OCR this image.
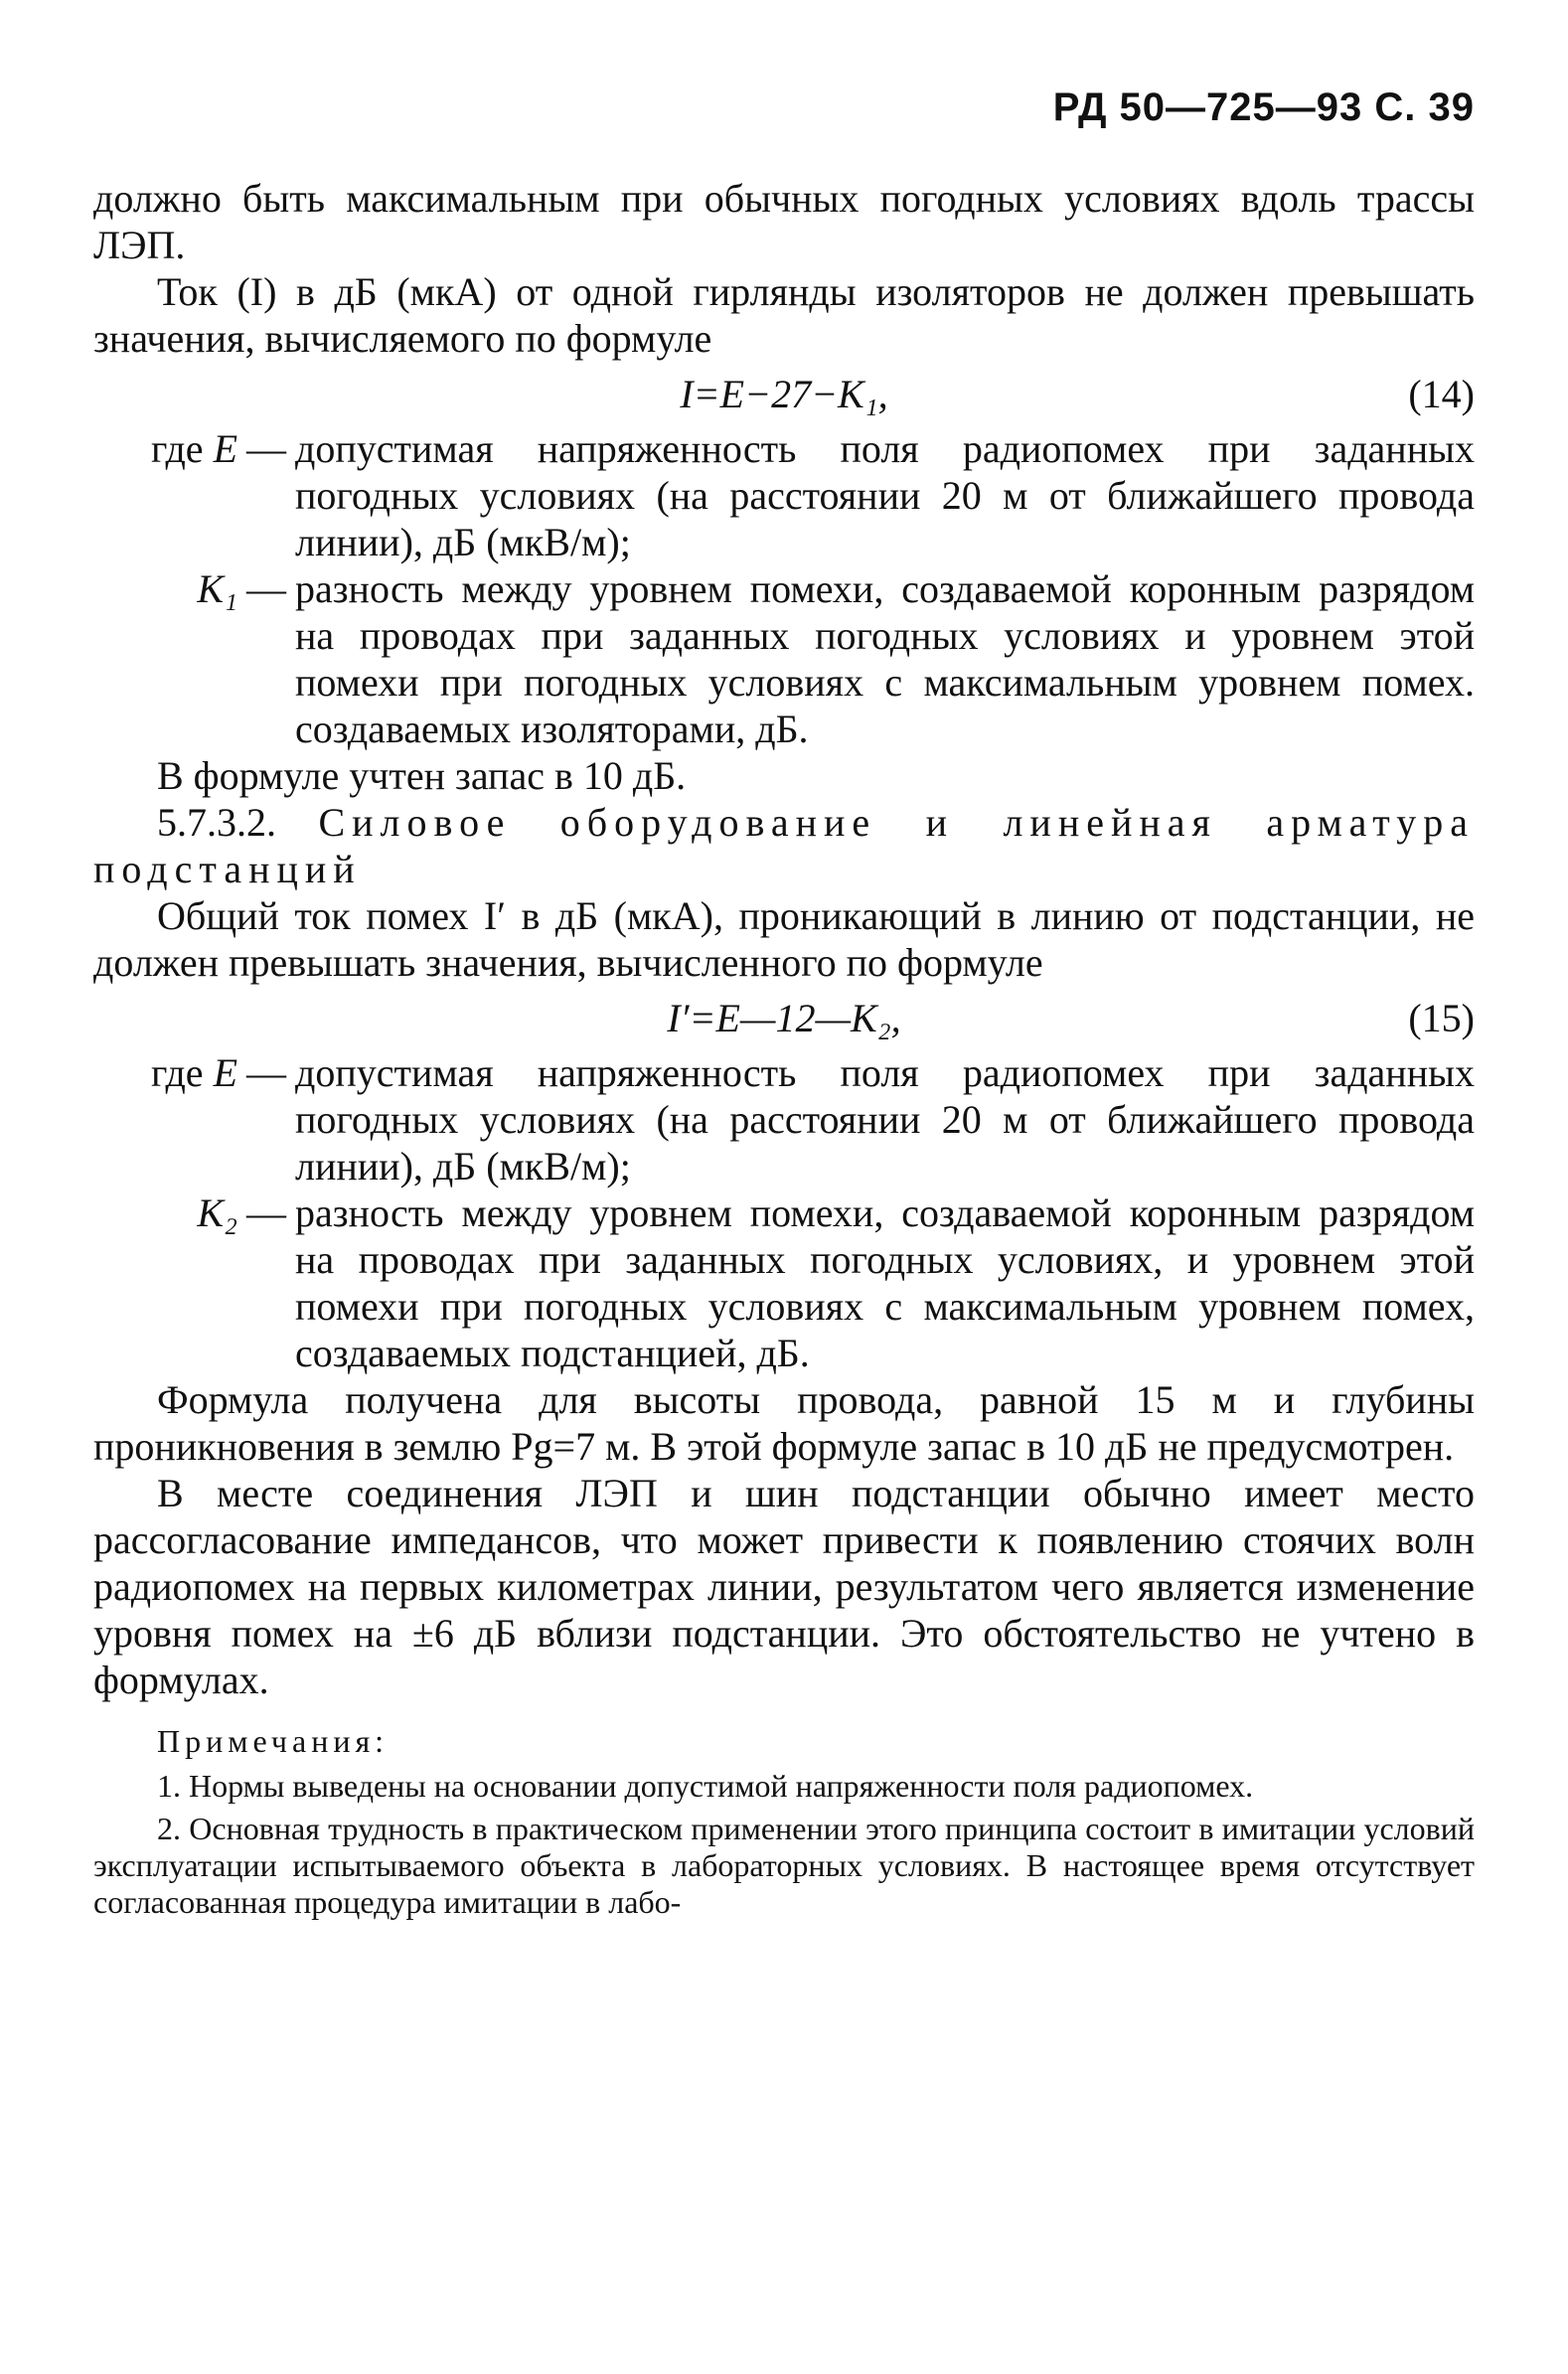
РД 50—725—93 С. 39

должно быть максимальным при обычных погодных условиях вдоль трассы ЛЭП.

Ток (I) в дБ (мкА) от одной гирлянды изоляторов не должен превышать значения, вычисляемого по формуле

I=E−27−K₁,	(14)
где E	—	допустимая напряженность поля радиопомех при заданных погодных условиях (на расстоянии 20 м от ближайшего провода линии), дБ (мкВ/м);
K₁	—	разность между уровнем помехи, создаваемой коронным разрядом на проводах при заданных погодных условиях и уровнем этой помехи при погодных условиях с максимальным уровнем помех. создаваемых изоляторами, дБ.

В формуле учтен запас в 10 дБ.

5.7.3.2. Силовое оборудование и линейная арматура подстанций

Общий ток помех I′ в дБ (мкА), проникающий в линию от подстанции, не должен превышать значения, вычисленного по формуле

I′=E—12—K₂,	(15)
где E	—	допустимая напряженность поля радиопомех при заданных погодных условиях (на расстоянии 20 м от ближайшего провода линии), дБ (мкВ/м);
K₂	—	разность между уровнем помехи, создаваемой коронным разрядом на проводах при заданных погодных условиях, и уровнем этой помехи при погодных условиях с максимальным уровнем помех, создаваемых подстанцией, дБ.

Формула получена для высоты провода, равной 15 м и глубины проникновения в землю Pg=7 м. В этой формуле запас в 10 дБ не предусмотрен.

В месте соединения ЛЭП и шин подстанции обычно имеет место рассогласование импедансов, что может привести к появлению стоячих волн радиопомех на первых километрах линии, результатом чего является изменение уровня помех на ±6 дБ вблизи подстанции. Это обстоятельство не учтено в формулах.

Примечания:

1. Нормы выведены на основании допустимой напряженности поля радиопомех.

2. Основная трудность в практическом применении этого принципа состоит в имитации условий эксплуатации испытываемого объекта в лабораторных условиях. В настоящее время отсутствует согласованная процедура имитации в лабо-
